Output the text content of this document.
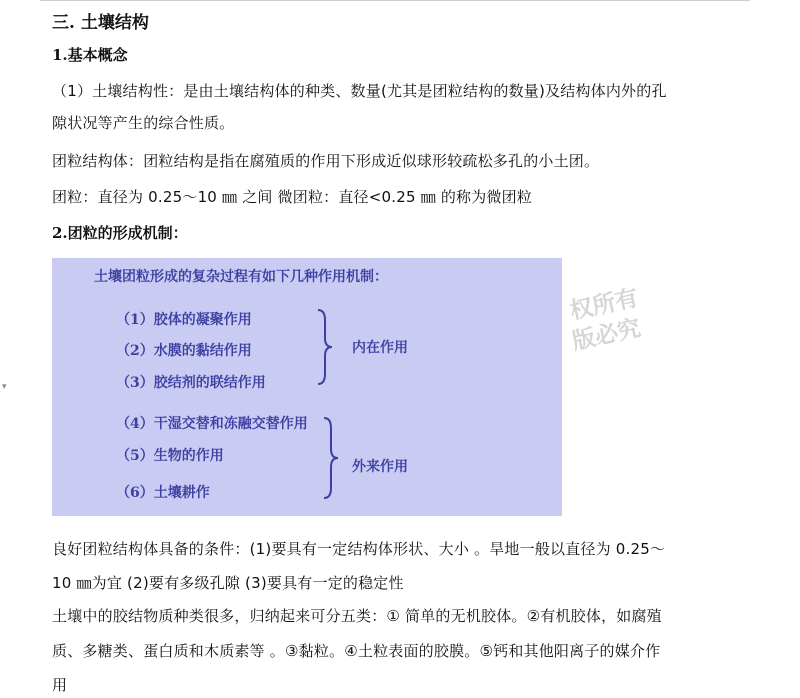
▾
三. 土壤结构
1.基本概念
（1）土壤结构性：是由土壤结构体的种类、数量(尤其是团粒结构的数量)及结构体内外的孔
隙状况等产生的综合性质。
团粒结构体：团粒结构是指在腐殖质的作用下形成近似球形较疏松多孔的小土团。
团粒：直径为 0.25～10 ㎜ 之间 微团粒：直径<0.25 ㎜ 的称为微团粒
2.团粒的形成机制：
土壤团粒形成的复杂过程有如下几种作用机制：
（1）胶体的凝聚作用
（2）水膜的黏结作用
（3）胶结剂的联结作用
内在作用
（4）干湿交替和冻融交替作用
（5）生物的作用
（6）土壤耕作
外来作用
权所有
版必究
良好团粒结构体具备的条件：(1)要具有一定结构体形状、大小 。旱地一般以直径为 0.25～
10 ㎜为宜 (2)要有多级孔隙 (3)要具有一定的稳定性
土壤中的胶结物质种类很多，归纳起来可分五类：① 简单的无机胶体。②有机胶体，如腐殖
质、多糖类、蛋白质和木质素等 。③黏粒。④土粒表面的胶膜。⑤钙和其他阳离子的媒介作
用
